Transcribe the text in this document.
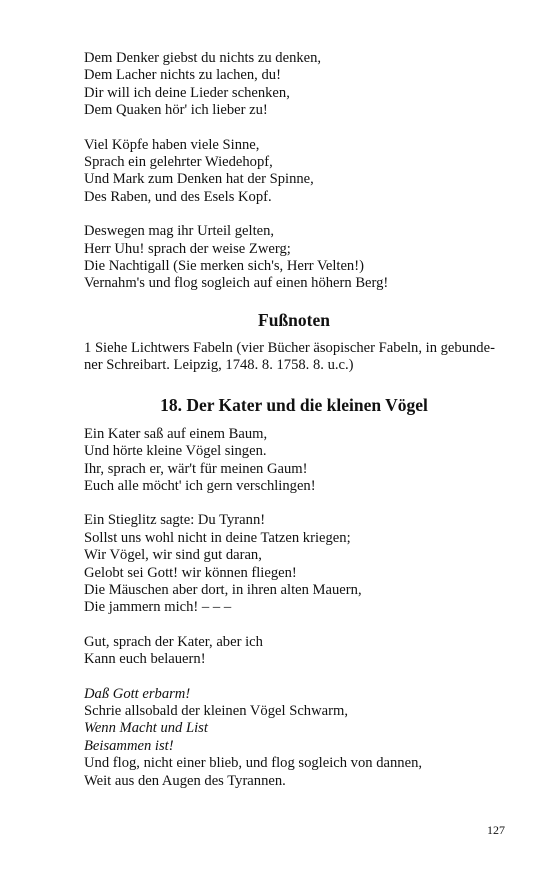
Dem Denker giebst du nichts zu denken,

Dem Lacher nichts zu lachen, du!

Dir will ich deine Lieder schenken,

Dem Quaken hör' ich lieber zu!

Viel Köpfe haben viele Sinne,

Sprach ein gelehrter Wiedehopf,

Und Mark zum Denken hat der Spinne,

Des Raben, und des Esels Kopf.

Deswegen mag ihr Urteil gelten,

Herr Uhu! sprach der weise Zwerg;

Die Nachtigall (Sie merken sich's, Herr Velten!)

Vernahm's und flog sogleich auf einen höhern Berg!

Fußnoten

1 Siehe Lichtwers Fabeln (vier Bücher äsopischer Fabeln, in gebunde-

ner Schreibart. Leipzig, 1748. 8. 1758. 8. u.c.)

18. Der Kater und die kleinen Vögel

Ein Kater saß auf einem Baum,

Und hörte kleine Vögel singen.

Ihr, sprach er, wär't für meinen Gaum!

Euch alle möcht' ich gern verschlingen!

Ein Stieglitz sagte: Du Tyrann!

Sollst uns wohl nicht in deine Tatzen kriegen;

Wir Vögel, wir sind gut daran,

Gelobt sei Gott! wir können fliegen!

Die Mäuschen aber dort, in ihren alten Mauern,

Die jammern mich! – – –

Gut, sprach der Kater, aber ich

Kann euch belauern!

Daß Gott erbarm!

Schrie allsobald der kleinen Vögel Schwarm,

Wenn Macht und List

Beisammen ist!

Und flog, nicht einer blieb, und flog sogleich von dannen,

Weit aus den Augen des Tyrannen.

127
